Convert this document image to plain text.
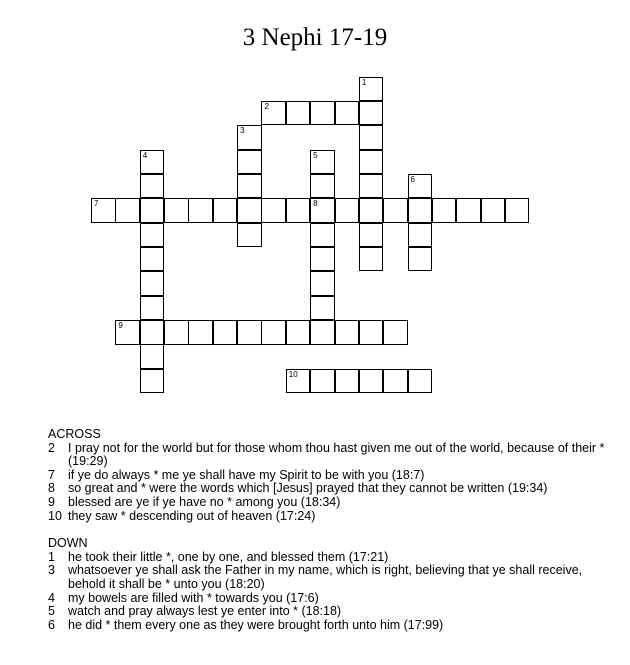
3 Nephi 17-19
1
2
3
4	5
8
6
7
9
10
ACROSS
2 I pray not for the world but for those whom thou hast given me out of the world, because of their * (19:29)
7 if ye do always * me ye shall have my Spirit to be with you (18:7)
8 so great and * were the words which [Jesus] prayed that they cannot be written (19:34)
9 blessed are ye if ye have no * among you (18:34)
10 they saw * descending out of heaven (17:24)
DOWN
1 he took their little *, one by one, and blessed them (17:21)
3 whatsoever ye shall ask the Father in my name, which is right, believing that ye shall receive, behold it shall be * unto you (18:20)
4 my bowels are filled with * towards you (17:6)
5 watch and pray always lest ye enter into * (18:18)
6 he did * them every one as they were brought forth unto him (17:99)
